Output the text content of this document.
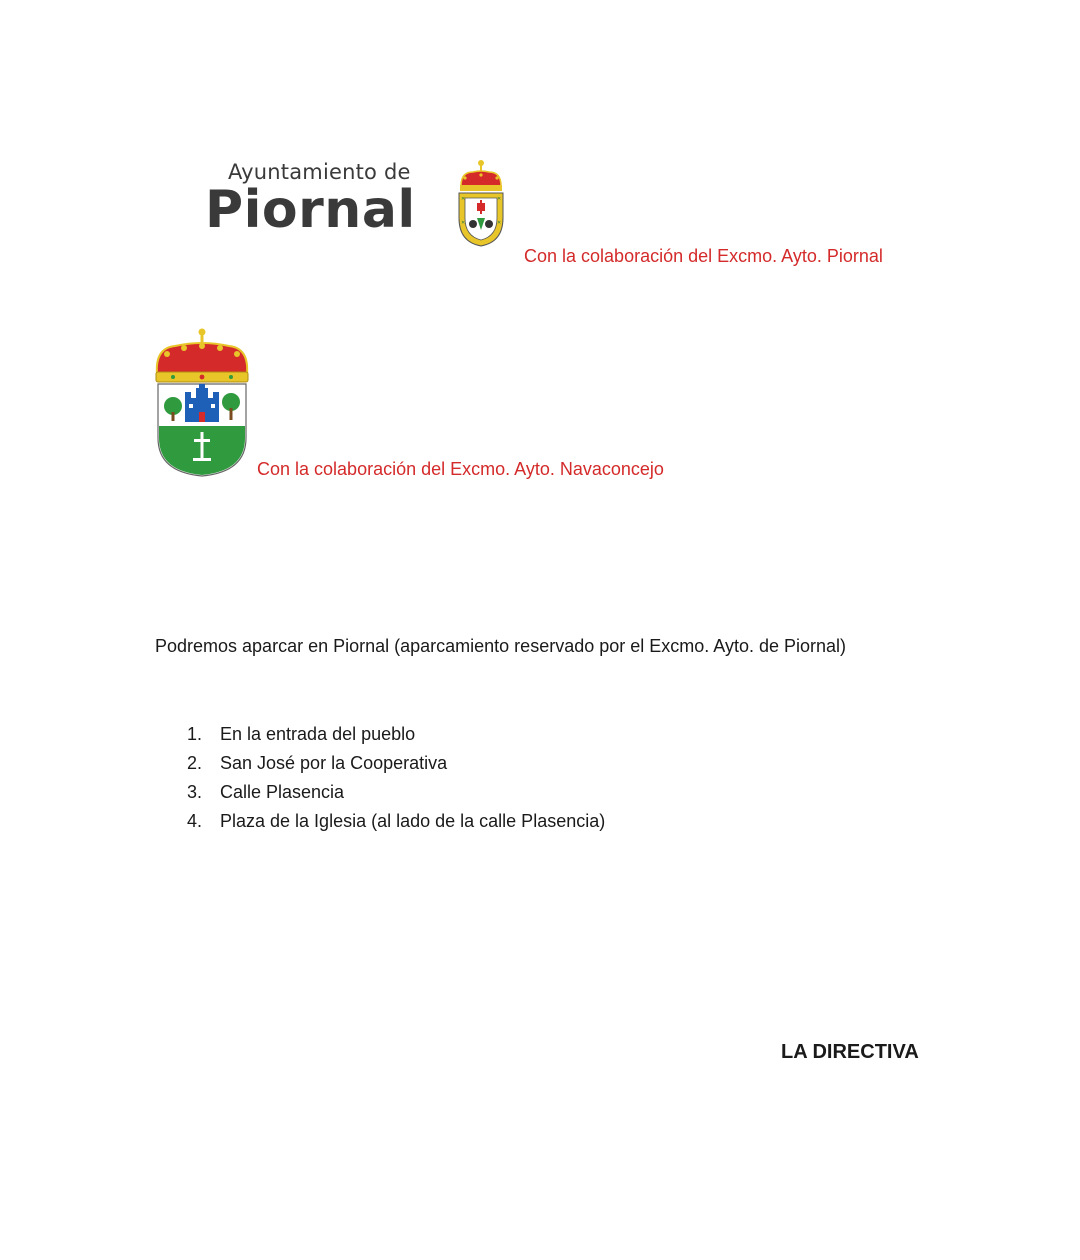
Ayuntamiento de
Piornal	✕	✕
✕	✕
Con la colaboración del Excmo. Ayto. Piornal
Con la colaboración del Excmo. Ayto. Navaconcejo
Podremos aparcar en Piornal (aparcamiento reservado por el Excmo. Ayto. de Piornal)
1. En la entrada del pueblo
2. San José por la Cooperativa
3. Calle Plasencia
4. Plaza de la Iglesia (al lado de la calle Plasencia)
LA DIRECTIVA
